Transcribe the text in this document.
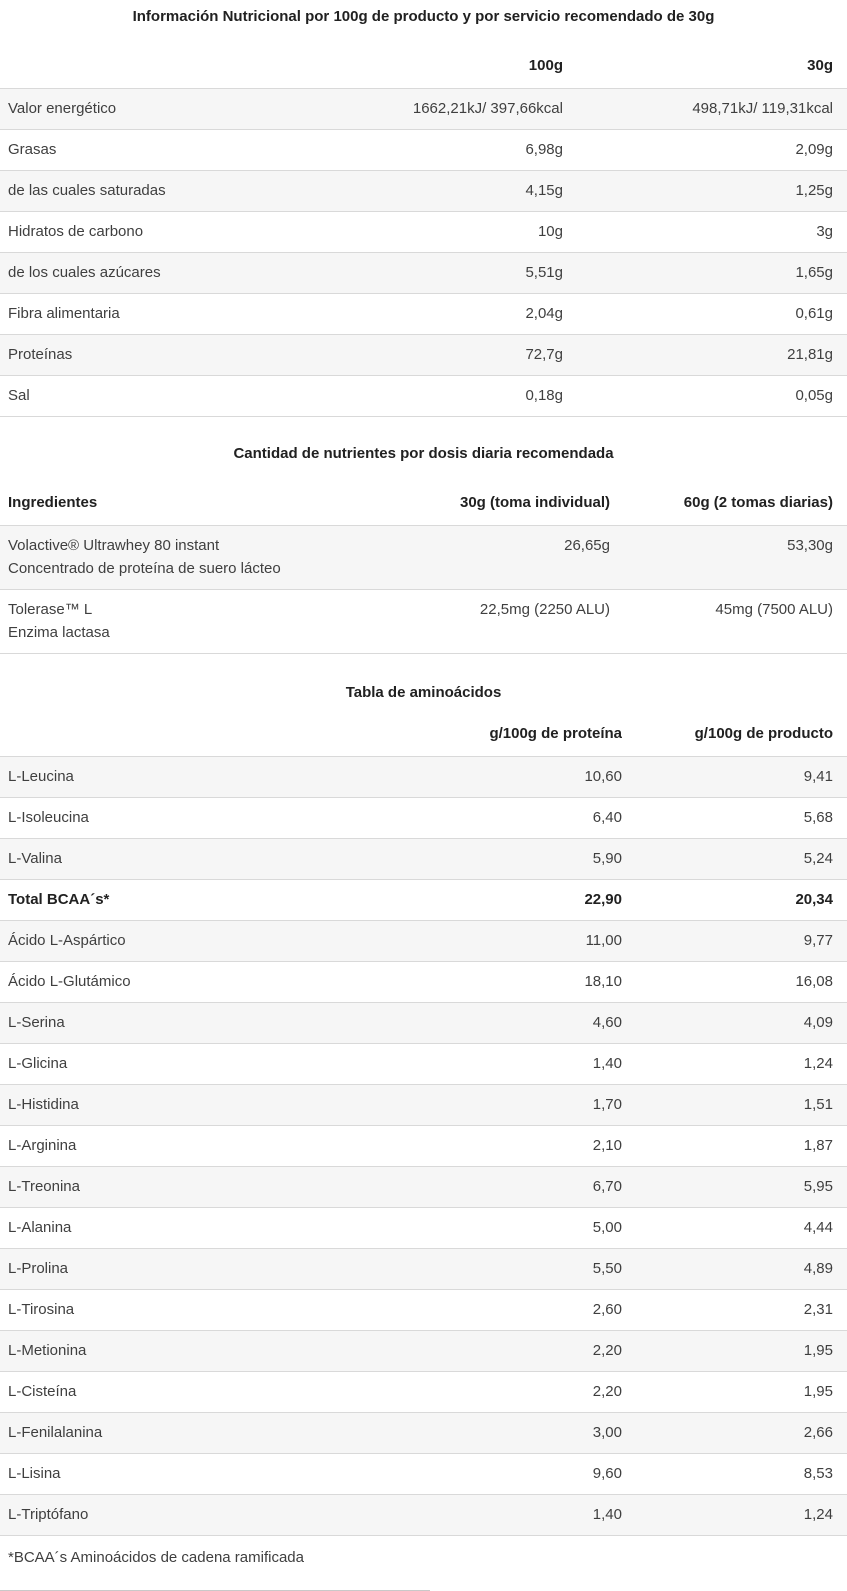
Información Nutricional por 100g de producto y por servicio recomendado de 30g
	100g	30g
Valor energético	1662,21kJ/ 397,66kcal	498,71kJ/ 119,31kcal
Grasas	6,98g	2,09g
de las cuales saturadas	4,15g	1,25g
Hidratos de carbono	10g	3g
de los cuales azúcares	5,51g	1,65g
Fibra alimentaria	2,04g	0,61g
Proteínas	72,7g	21,81g
Sal	0,18g	0,05g
Cantidad de nutrientes por dosis diaria recomendada
Ingredientes	30g (toma individual)	60g (2 tomas diarias)

Volactive® Ultrawhey 80 instant
Concentrado de proteína de suero lácteo	26,65g	53,30g

Tolerase™ L
Enzima lactasa	22,5mg (2250 ALU)	45mg (7500 ALU)
Tabla de aminoácidos
	g/100g de proteína	g/100g de producto
L-Leucina	10,60	9,41
L-Isoleucina	6,40	5,68
L-Valina	5,90	5,24
Total BCAA´s*	22,90	20,34
Ácido L-Aspártico	11,00	9,77
Ácido L-Glutámico	18,10	16,08
L-Serina	4,60	4,09
L-Glicina	1,40	1,24
L-Histidina	1,70	1,51
L-Arginina	2,10	1,87
L-Treonina	6,70	5,95
L-Alanina	5,00	4,44
L-Prolina	5,50	4,89
L-Tirosina	2,60	2,31
L-Metionina	2,20	1,95
L-Cisteína	2,20	1,95
L-Fenilalanina	3,00	2,66
L-Lisina	9,60	8,53
L-Triptófano	1,40	1,24
*BCAA´s Aminoácidos de cadena ramificada		
